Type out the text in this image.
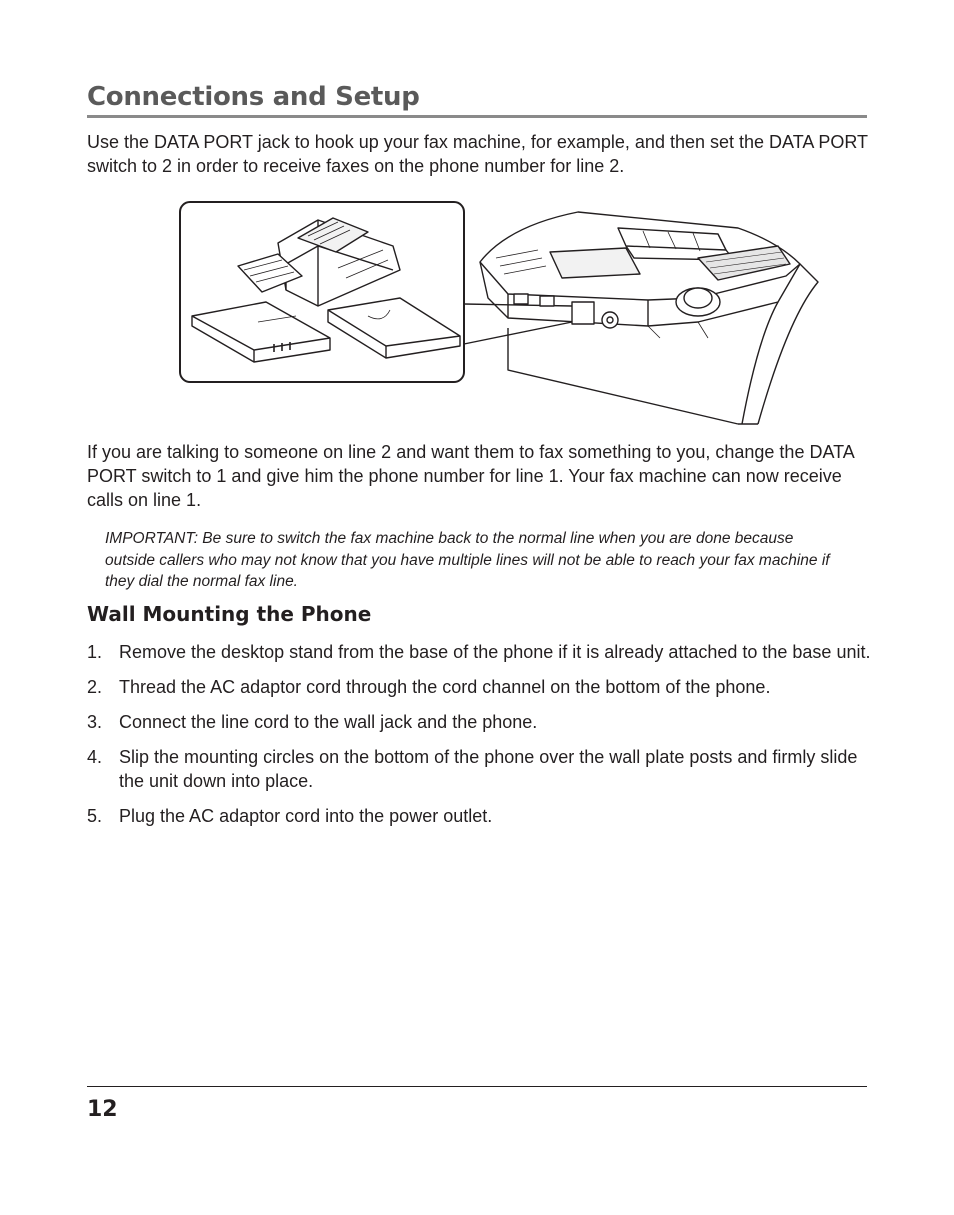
Connections and Setup

Use the DATA PORT jack to hook up your fax machine, for example, and then set the DATA PORT switch to 2 in order to receive faxes on the phone number for line 2.

If you are talking to someone on line 2 and want them to fax something to you, change the DATA PORT switch to 1 and give him the phone number for line 1. Your fax machine can now receive calls on line 1.

IMPORTANT: Be sure to switch the fax machine back to the normal line when you are done because outside callers who may not know that you have multiple lines will not be able to reach your fax machine if they dial the normal fax line.

Wall Mounting the Phone
1. Remove the desktop stand from the base of the phone if it is already attached to the base unit.
2. Thread the AC adaptor cord through the cord channel on the bottom of the phone.
3. Connect the line cord to the wall jack and the phone.
4. Slip the mounting circles on the bottom of the phone over the wall plate posts and firmly slide the unit down into place.
5. Plug the AC adaptor cord into the power outlet.
12
